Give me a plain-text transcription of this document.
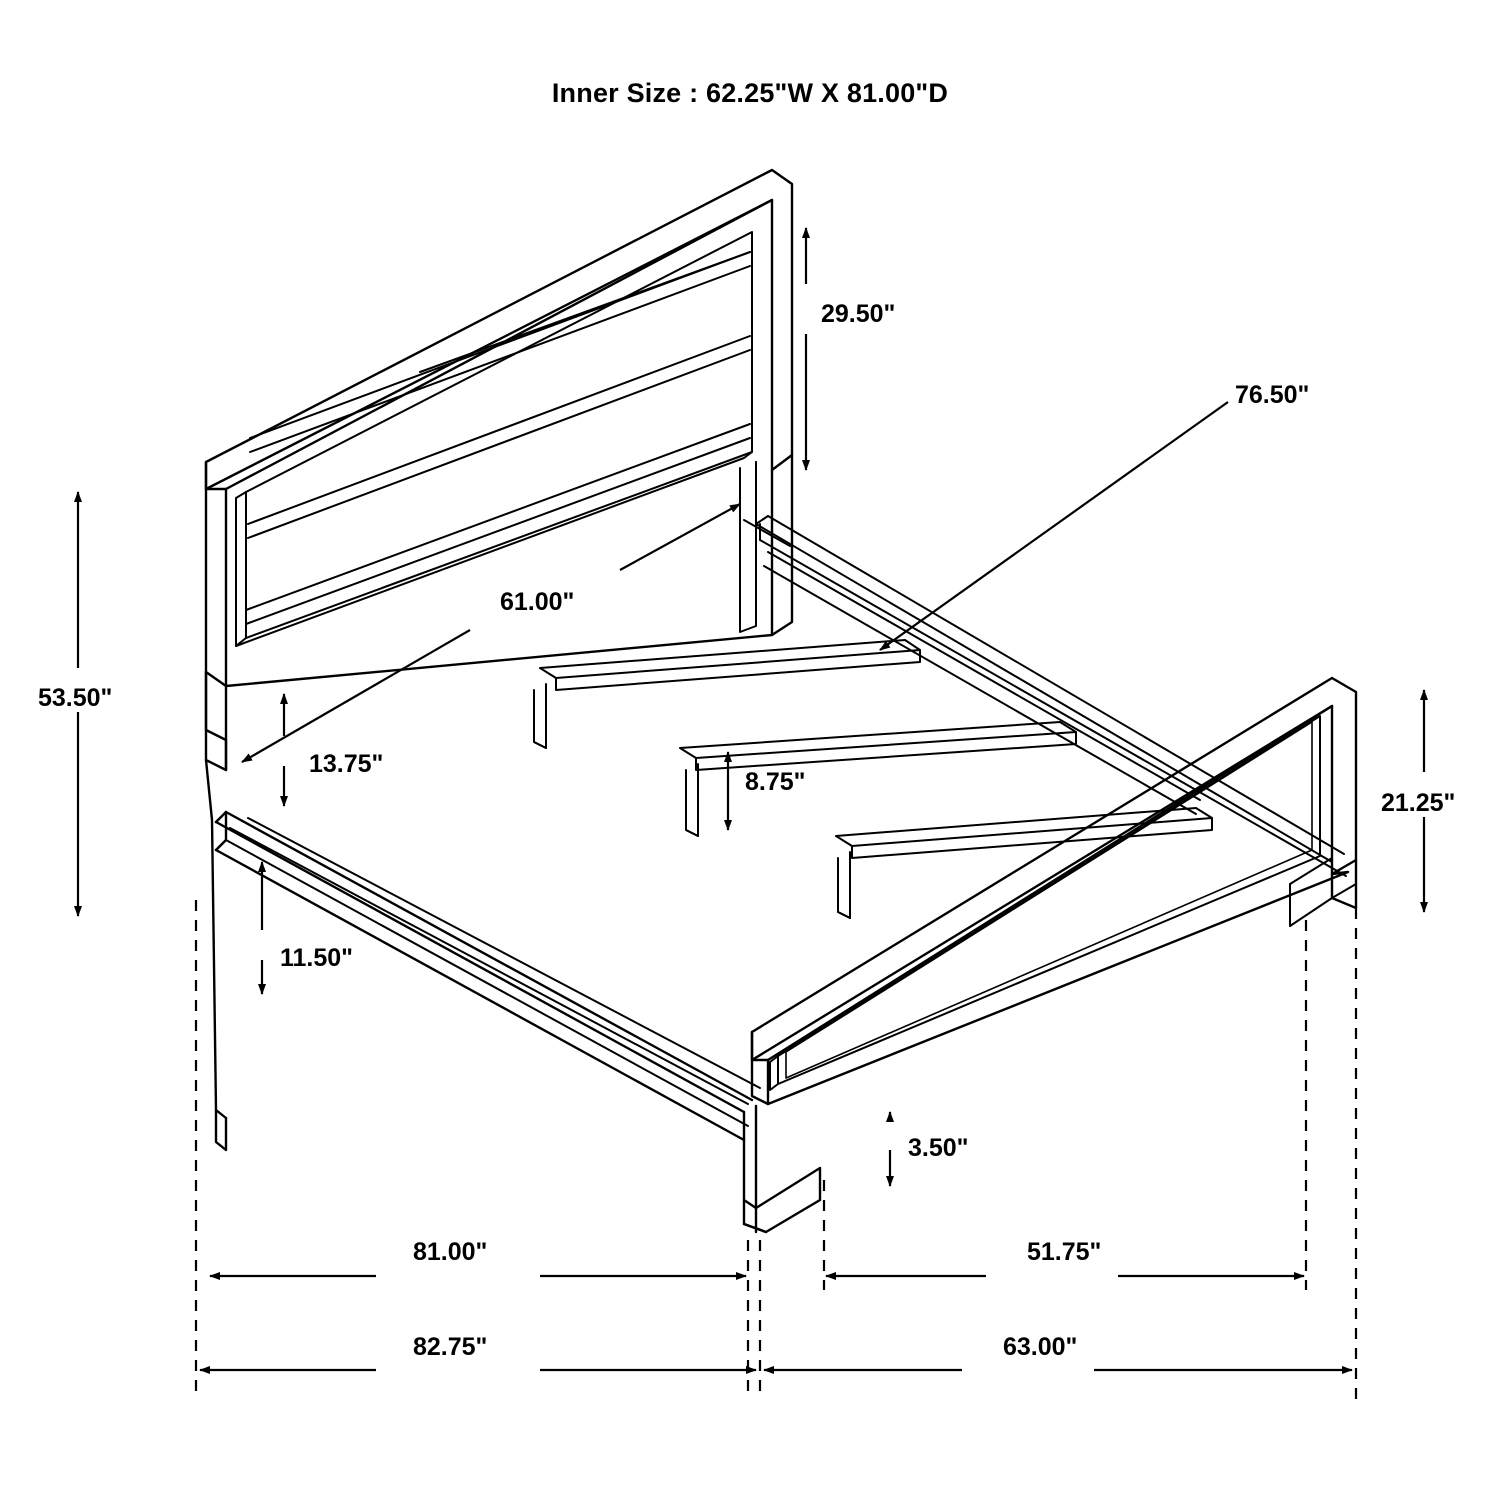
Inner Size : 62.25"W X 81.00"D
29.50"
76.50"
53.50"
61.00"
13.75"
8.75"
21.25"
11.50"
3.50"
81.00"	51.75"
82.75"	63.00"
